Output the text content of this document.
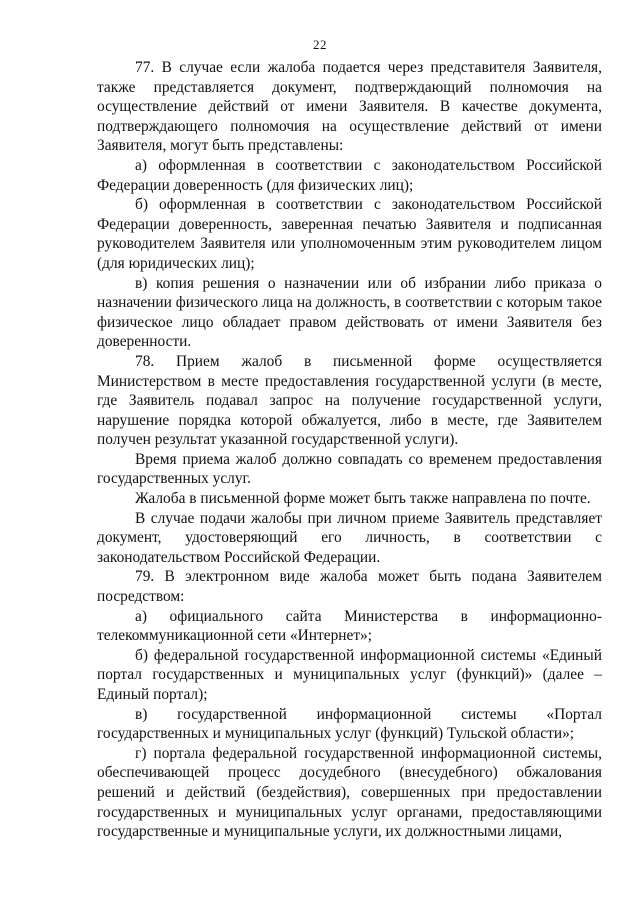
22

77. В случае если жалоба подается через представителя Заявителя, также представляется документ, подтверждающий полномочия на осуществление действий от имени Заявителя. В качестве документа, подтверждающего полномочия на осуществление действий от имени Заявителя, могут быть представлены:

а) оформленная в соответствии с законодательством Российской Федерации доверенность (для физических лиц);

б) оформленная в соответствии с законодательством Российской Федерации доверенность, заверенная печатью Заявителя и подписанная руководителем Заявителя или уполномоченным этим руководителем лицом (для юридических лиц);

в) копия решения о назначении или об избрании либо приказа о назначении физического лица на должность, в соответствии с которым такое физическое лицо обладает правом действовать от имени Заявителя без доверенности.

78. Прием жалоб в письменной форме осуществляется Министерством в месте предоставления государственной услуги (в месте, где Заявитель подавал запрос на получение государственной услуги, нарушение порядка которой обжалуется, либо в месте, где Заявителем получен результат указанной государственной услуги).

Время приема жалоб должно совпадать со временем предоставления государственных услуг.

Жалоба в письменной форме может быть также направлена по почте.

В случае подачи жалобы при личном приеме Заявитель представляет документ, удостоверяющий его личность, в соответствии с законодательством Российской Федерации.

79. В электронном виде жалоба может быть подана Заявителем посредством:

а) официального сайта Министерства в информационно-телекоммуникационной сети «Интернет»;

б) федеральной государственной информационной системы «Единый портал государственных и муниципальных услуг (функций)» (далее – Единый портал);

в) государственной информационной системы «Портал государственных и муниципальных услуг (функций) Тульской области»;

г) портала федеральной государственной информационной системы, обеспечивающей процесс досудебного (внесудебного) обжалования решений и действий (бездействия), совершенных при предоставлении государственных и муниципальных услуг органами, предоставляющими государственные и муниципальные услуги, их должностными лицами,
